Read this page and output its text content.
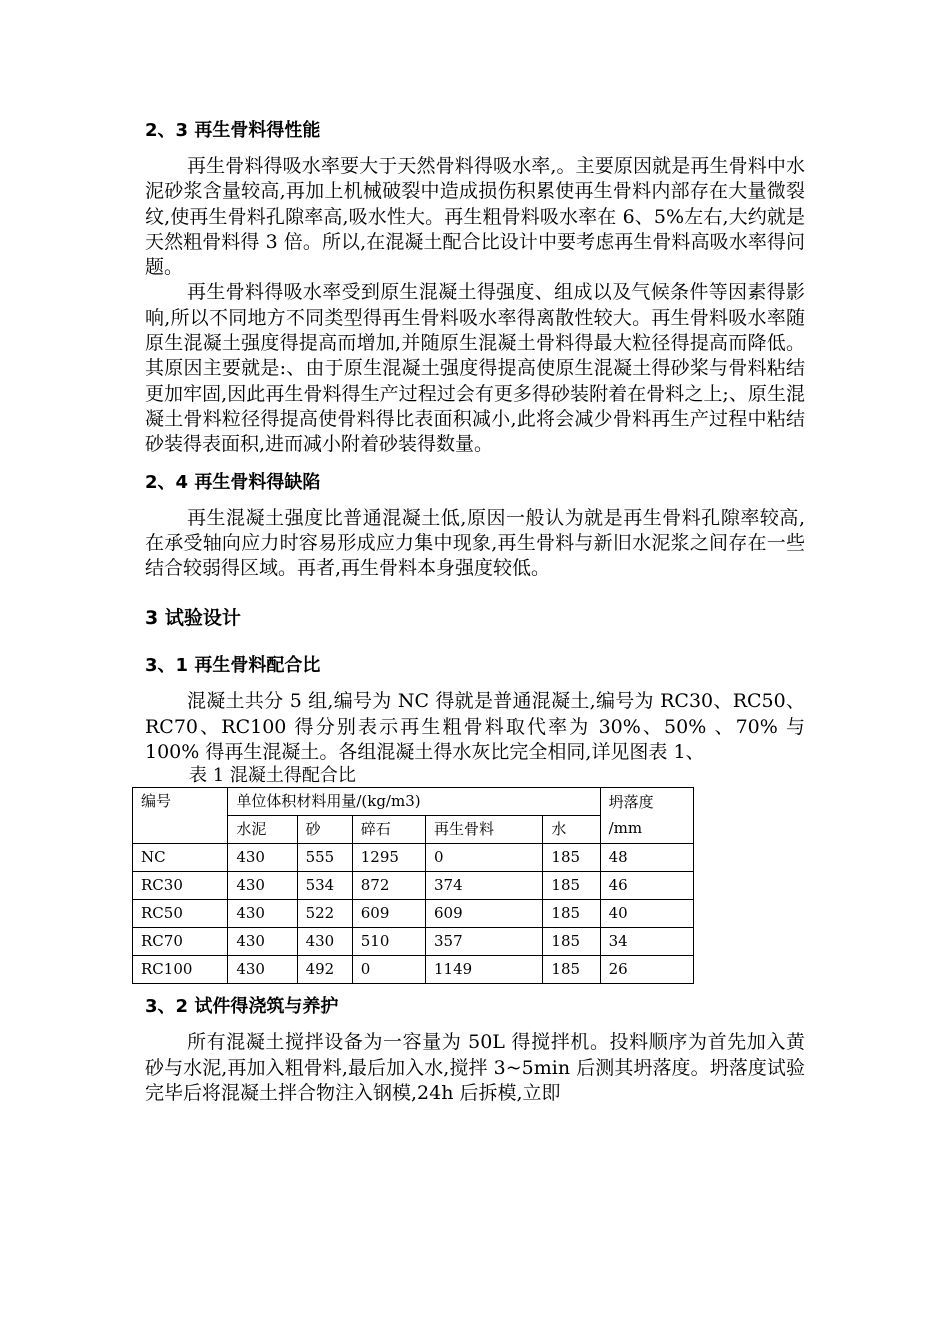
2、3 再生骨料得性能

再生骨料得吸水率要大于天然骨料得吸水率,。主要原因就是再生骨料中水泥砂浆含量较高,再加上机械破裂中造成损伤积累使再生骨料内部存在大量微裂纹,使再生骨料孔隙率高,吸水性大。再生粗骨料吸水率在 6、5%左右,大约就是天然粗骨料得 3 倍。所以,在混凝土配合比设计中要考虑再生骨料高吸水率得问题。

再生骨料得吸水率受到原生混凝土得强度、组成以及气候条件等因素得影响,所以不同地方不同类型得再生骨料吸水率得离散性较大。再生骨料吸水率随原生混凝土强度得提高而增加,并随原生混凝土骨料得最大粒径得提高而降低。其原因主要就是:、由于原生混凝土强度得提高使原生混凝土得砂桨与骨料粘结更加牢固,因此再生骨料得生产过程过会有更多得砂装附着在骨料之上;、原生混凝土骨料粒径得提高使骨料得比表面积减小,此将会减少骨料再生产过程中粘结砂装得表面积,进而减小附着砂装得数量。

2、4 再生骨料得缺陷

再生混凝土强度比普通混凝土低,原因一般认为就是再生骨料孔隙率较高,在承受轴向应力时容易形成应力集中现象,再生骨料与新旧水泥浆之间存在一些结合较弱得区域。再者,再生骨料本身强度较低。

3 试验设计
3、1 再生骨料配合比

混凝土共分 5 组,编号为 NC 得就是普通混凝土,编号为 RC30、RC50、RC70、RC100 得分别表示再生粗骨料取代率为 30%、50% 、70% 与 100% 得再生混凝土。各组混凝土得水灰比完全相同,详见图表 1、

表 1 混凝土得配合比
编号	单位体积材料用量/(kg/m3)					坍落度
/mm
	水泥	砂	碎石	再生骨料	水	
NC	430	555	1295	0	185	48
RC30	430	534	872	374	185	46
RC50	430	522	609	609	185	40
RC70	430	430	510	357	185	34
RC100	430	492	0	1149	185	26
3、2 试件得浇筑与养护

所有混凝土搅拌设备为一容量为 50L 得搅拌机。投料顺序为首先加入黄砂与水泥,再加入粗骨料,最后加入水,搅拌 3~5min 后测其坍落度。坍落度试验完毕后将混凝土拌合物注入钢模,24h 后拆模,立即
